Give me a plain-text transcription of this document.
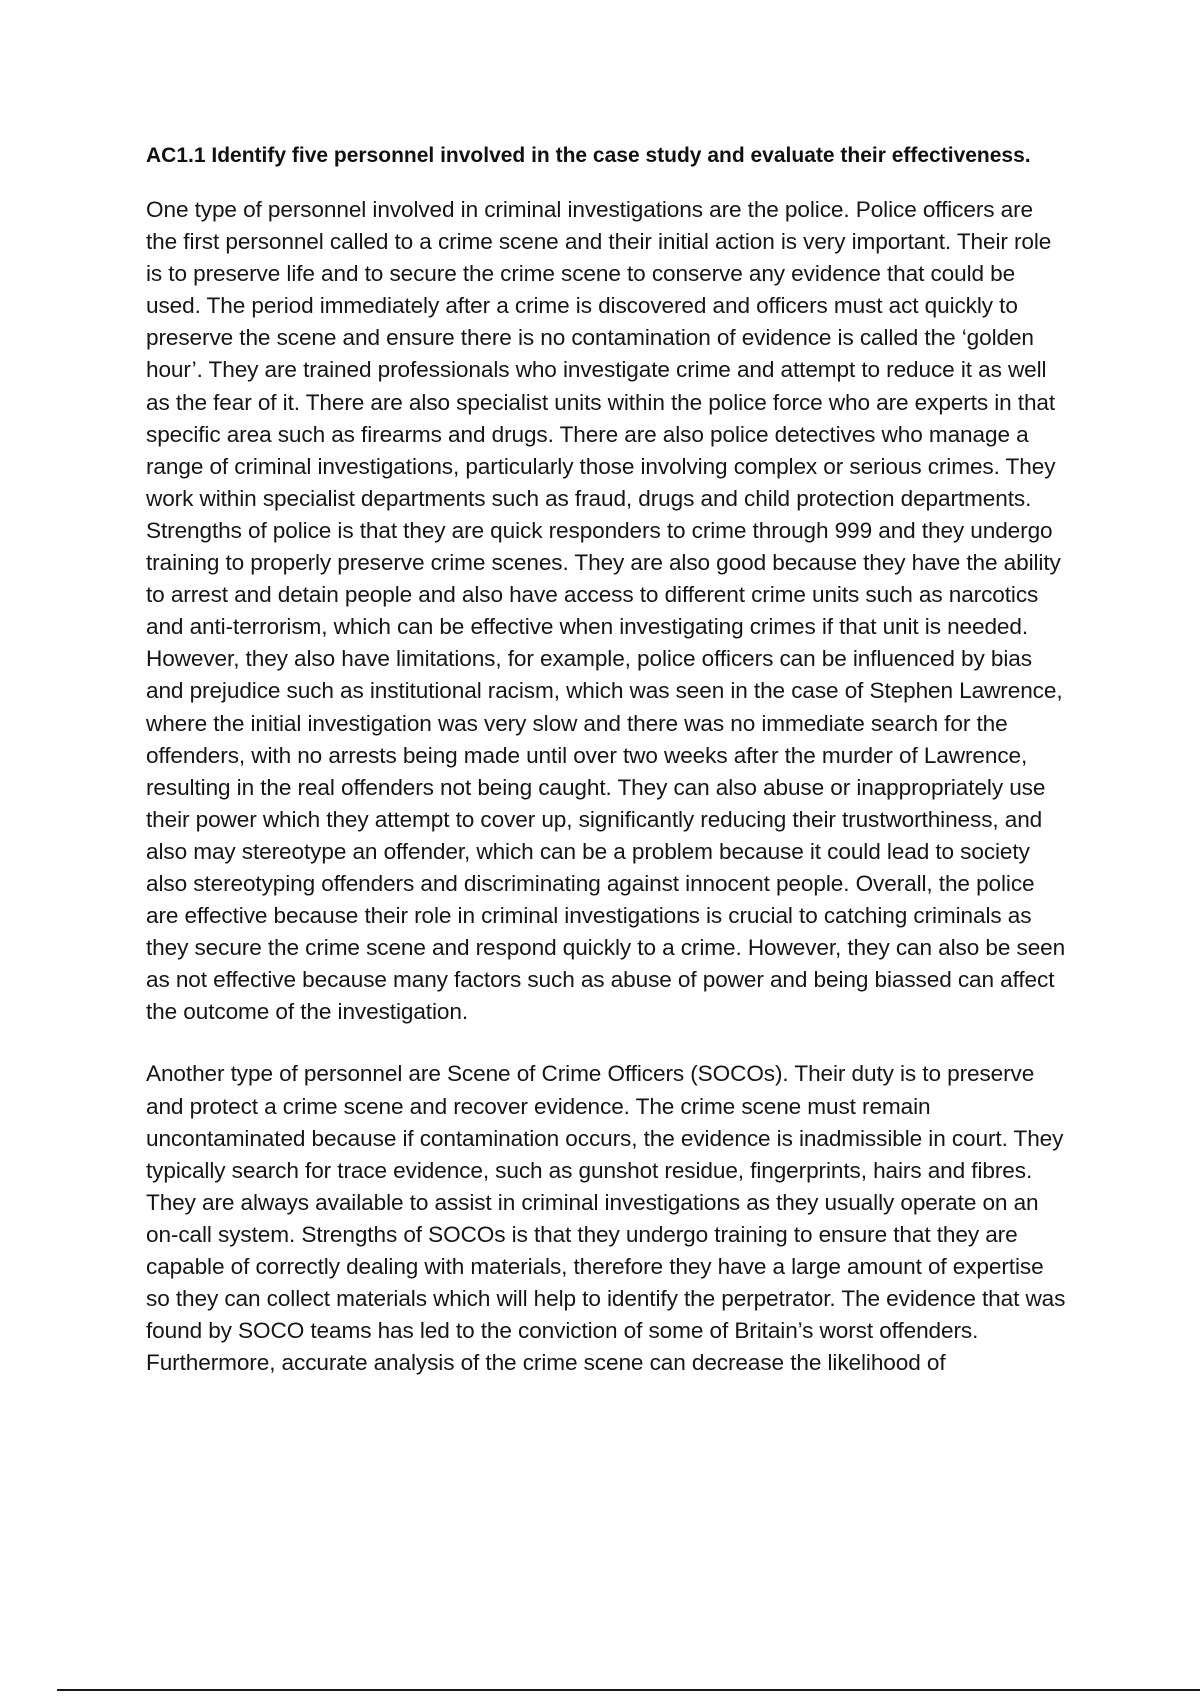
AC1.1 Identify five personnel involved in the case study and evaluate their effectiveness.

One type of personnel involved in criminal investigations are the police. Police officers are the first personnel called to a crime scene and their initial action is very important. Their role is to preserve life and to secure the crime scene to conserve any evidence that could be used. The period immediately after a crime is discovered and officers must act quickly to preserve the scene and ensure there is no contamination of evidence is called the ‘golden hour’. They are trained professionals who investigate crime and attempt to reduce it as well as the fear of it. There are also specialist units within the police force who are experts in that specific area such as firearms and drugs. There are also police detectives who manage a range of criminal investigations, particularly those involving complex or serious crimes. They work within specialist departments such as fraud, drugs and child protection departments. Strengths of police is that they are quick responders to crime through 999 and they undergo training to properly preserve crime scenes. They are also good because they have the ability to arrest and detain people and also have access to different crime units such as narcotics and anti-terrorism, which can be effective when investigating crimes if that unit is needed. However, they also have limitations, for example, police officers can be influenced by bias and prejudice such as institutional racism, which was seen in the case of Stephen Lawrence, where the initial investigation was very slow and there was no immediate search for the offenders, with no arrests being made until over two weeks after the murder of Lawrence, resulting in the real offenders not being caught. They can also abuse or inappropriately use their power which they attempt to cover up, significantly reducing their trustworthiness, and also may stereotype an offender, which can be a problem because it could lead to society also stereotyping offenders and discriminating against innocent people. Overall, the police are effective because their role in criminal investigations is crucial to catching criminals as they secure the crime scene and respond quickly to a crime. However, they can also be seen as not effective because many factors such as abuse of power and being biassed can affect the outcome of the investigation.

Another type of personnel are Scene of Crime Officers (SOCOs). Their duty is to preserve and protect a crime scene and recover evidence. The crime scene must remain uncontaminated because if contamination occurs, the evidence is inadmissible in court. They typically search for trace evidence, such as gunshot residue, fingerprints, hairs and fibres. They are always available to assist in criminal investigations as they usually operate on an on-call system. Strengths of SOCOs is that they undergo training to ensure that they are capable of correctly dealing with materials, therefore they have a large amount of expertise so they can collect materials which will help to identify the perpetrator. The evidence that was found by SOCO teams has led to the conviction of some of Britain’s worst offenders. Furthermore, accurate analysis of the crime scene can decrease the likelihood of
